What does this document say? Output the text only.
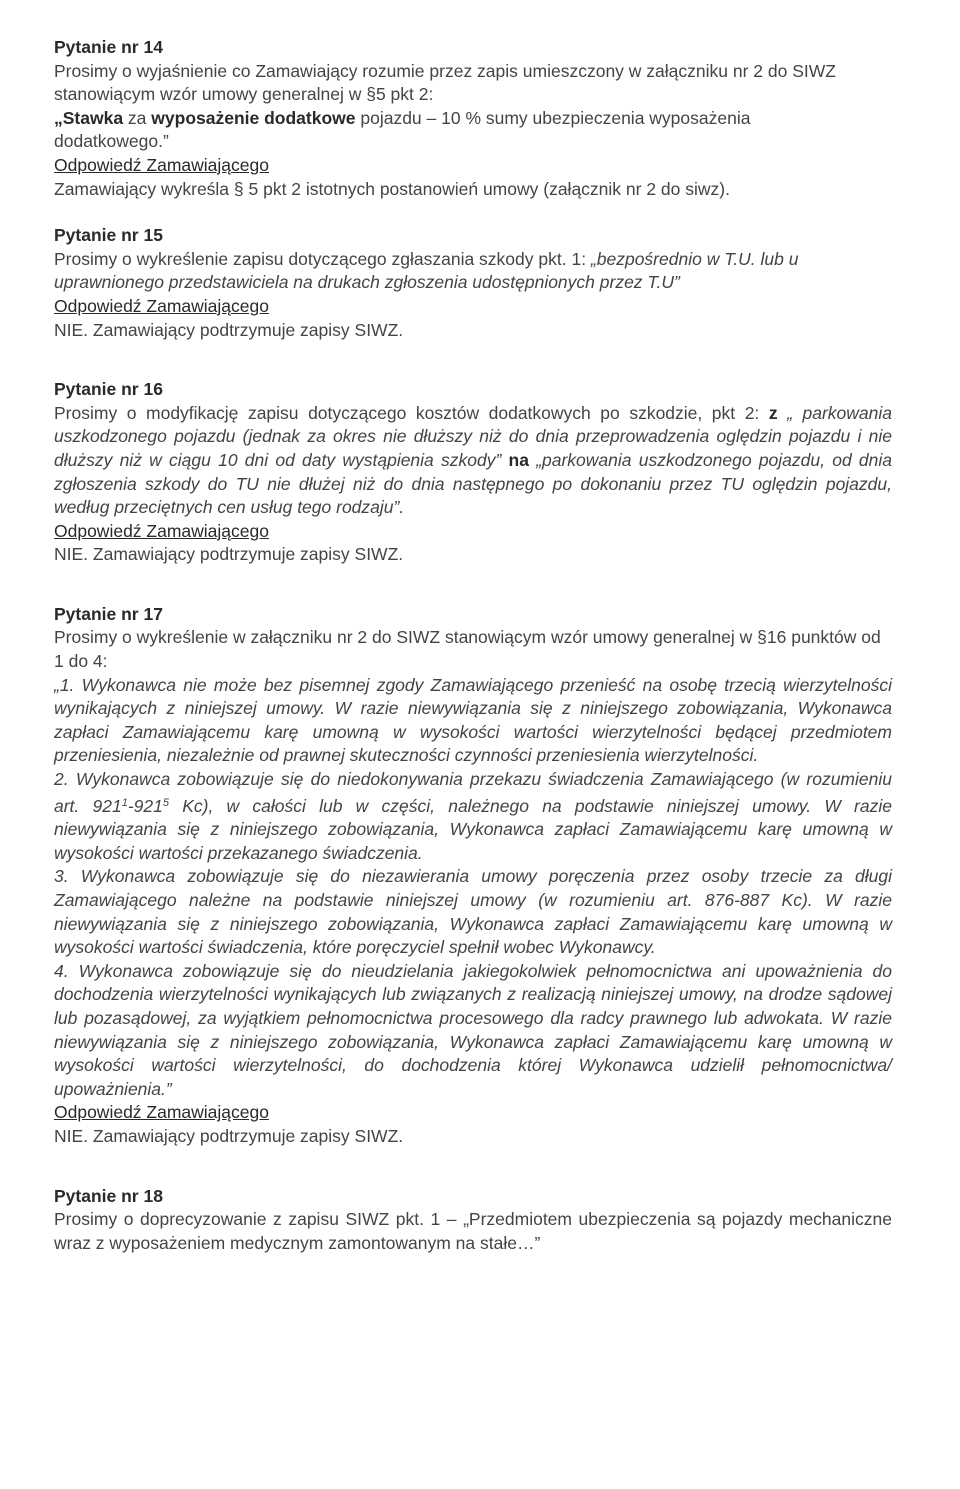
Pytanie nr 14

Prosimy o wyjaśnienie co Zamawiający rozumie przez zapis umieszczony w załączniku nr 2 do SIWZ

stanowiącym wzór umowy generalnej w §5 pkt 2:

„Stawka za wyposażenie dodatkowe pojazdu – 10 % sumy ubezpieczenia wyposażenia

dodatkowego.”

Odpowiedź Zamawiającego

Zamawiający wykreśla § 5 pkt 2 istotnych postanowień umowy (załącznik nr 2 do siwz).

Pytanie nr 15

Prosimy o wykreślenie zapisu dotyczącego zgłaszania szkody pkt. 1: „bezpośrednio w T.U. lub u

uprawnionego przedstawiciela na drukach zgłoszenia udostępnionych przez T.U”

Odpowiedź Zamawiającego

NIE. Zamawiający podtrzymuje zapisy SIWZ.

Pytanie nr 16

Prosimy o modyfikację zapisu dotyczącego kosztów dodatkowych po szkodzie, pkt 2: z „ parkowania uszkodzonego pojazdu (jednak za okres nie dłuższy niż do dnia przeprowadzenia oględzin pojazdu i nie dłuższy niż w ciągu 10 dni od daty wystąpienia szkody” na „parkowania uszkodzonego pojazdu, od dnia zgłoszenia szkody do TU nie dłużej niż do dnia następnego po dokonaniu przez TU oględzin pojazdu, według przeciętnych cen usług tego rodzaju”.

Odpowiedź Zamawiającego

NIE. Zamawiający podtrzymuje zapisy SIWZ.

Pytanie nr 17

Prosimy o wykreślenie w załączniku nr 2 do SIWZ stanowiącym wzór umowy generalnej w §16 punktów od 1 do 4:

„1. Wykonawca nie może bez pisemnej zgody Zamawiającego przenieść na osobę trzecią wierzytelności wynikających z niniejszej umowy. W razie niewywiązania się z niniejszego zobowiązania, Wykonawca zapłaci Zamawiającemu karę umowną w wysokości wartości wierzytelności będącej przedmiotem przeniesienia, niezależnie od prawnej skuteczności czynności przeniesienia wierzytelności.

2. Wykonawca zobowiązuje się do niedokonywania przekazu świadczenia Zamawiającego (w rozumieniu art. $921^1-921^5$ Kc), w całości lub w części, należnego na podstawie niniejszej umowy. W razie niewywiązania się z niniejszego zobowiązania, Wykonawca zapłaci Zamawiającemu karę umowną w wysokości wartości przekazanego świadczenia.

3. Wykonawca zobowiązuje się do niezawierania umowy poręczenia przez osoby trzecie za długi Zamawiającego należne na podstawie niniejszej umowy (w rozumieniu art. 876-887 Kc). W razie niewywiązania się z niniejszego zobowiązania, Wykonawca zapłaci Zamawiającemu karę umowną w wysokości wartości świadczenia, które poręczyciel spełnił wobec Wykonawcy.

4. Wykonawca zobowiązuje się do nieudzielania jakiegokolwiek pełnomocnictwa ani upoważnienia do dochodzenia wierzytelności wynikających lub związanych z realizacją niniejszej umowy, na drodze sądowej lub pozasądowej, za wyjątkiem pełnomocnictwa procesowego dla radcy prawnego lub adwokata. W razie niewywiązania się z niniejszego zobowiązania, Wykonawca zapłaci Zamawiającemu karę umowną w wysokości wartości wierzytelności, do dochodzenia której Wykonawca udzielił pełnomocnictwa/ upoważnienia.”

Odpowiedź Zamawiającego

NIE. Zamawiający podtrzymuje zapisy SIWZ.

Pytanie nr 18

Prosimy o doprecyzowanie z zapisu SIWZ pkt. 1 – „Przedmiotem ubezpieczenia są pojazdy mechaniczne wraz z wyposażeniem medycznym zamontowanym na stałe…”
